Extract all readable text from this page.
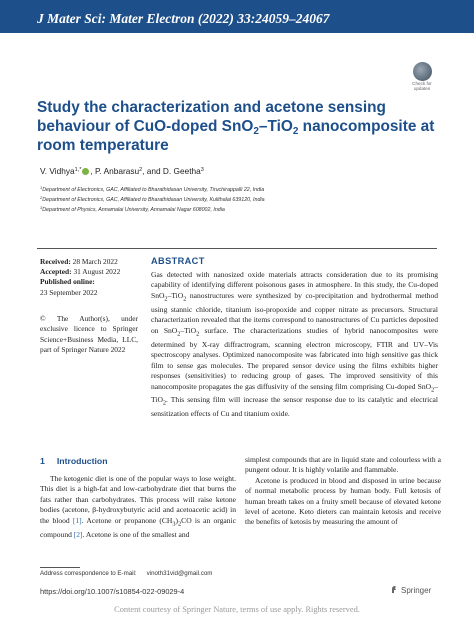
J Mater Sci: Mater Electron (2022) 33:24059–24067
Check for
updates
Study the characterization and acetone sensing behaviour of CuO-doped SnO$_2$–TiO$_2$ nanocomposite at room temperature
V. Vidhya$^{1,*}$ , P. Anbarasu$^2$, and D. Geetha$^3$
$^1$Department of Electronics, GAC, Affiliated to Bharathidasan University, Tiruchirappalli 22, India
$^2$Department of Electronics, GAC, Affiliated to Bharathidasan University, Kulithalai 639120, India
$^3$Department of Physics, Annamalai University, Annamalai Nagar 608002, India
Received: 28 March 2022
Accepted: 31 August 2022
Published online:
23 September 2022
© The Author(s), under exclusive licence to Springer Science+Business Media, LLC, part of Springer Nature 2022
ABSTRACT

Gas detected with nanosized oxide materials attracts consideration due to its promising capability of identifying different poisonous gases in atmosphere. In this study, the Cu-doped SnO$_2$–TiO$_2$ nanostructures were synthesized by co-precipitation and hydrothermal method using stannic chloride, titanium iso-propoxide and copper nitrate as precursors. Structural characterization revealed that the items correspond to nanostructures of Cu particles deposited on SnO$_2$–TiO$_2$ surface. The characterizations studies of hybrid nanocomposites were determined by X-ray diffractrogram, scanning electron microscopy, FTIR and UV–Vis spectroscopy analyses. Optimized nanocomposite was fabricated into high sensitive gas thick film to sense gas molecules. The prepared sensor device using the films exhibits higher responses (sensitivities) to reducing group of gases. The improved sensitivity of this nanocomposite propagates the gas diffusivity of the sensing film comprising Cu-doped SnO$_2$–TiO$_2$. This sensing film will increase the sensor response due to its catalytic and electrical sensitization effects of Cu and titanium oxide.

1 Introduction

The ketogenic diet is one of the popular ways to lose weight. This diet is a high-fat and low-carbohydrate diet that burns the fats rather than carbohydrates. This process will raise ketone bodies (acetone, β-hydroxybutyric acid and acetoacetic acid) in the blood [1]. Acetone or propanone $(CH_3)_2CO$ is an organic compound [2]. Acetone is one of the smallest and

simplest compounds that are in liquid state and colourless with a pungent odour. It is highly volatile and flammable.

Acetone is produced in blood and disposed in urine because of normal metabolic process by human body. Full ketosis of human breath takes on a fruity smell because of elevated ketone level of acetone. Keto dieters can maintain ketosis and receive the benefits of ketosis by measuring the amount of

Address correspondence to E-mail: vinoth31vid@gmail.com
https://doi.org/10.1007/s10854-022-09029-4	Springer
Content courtesy of Springer Nature, terms of use apply. Rights reserved.
